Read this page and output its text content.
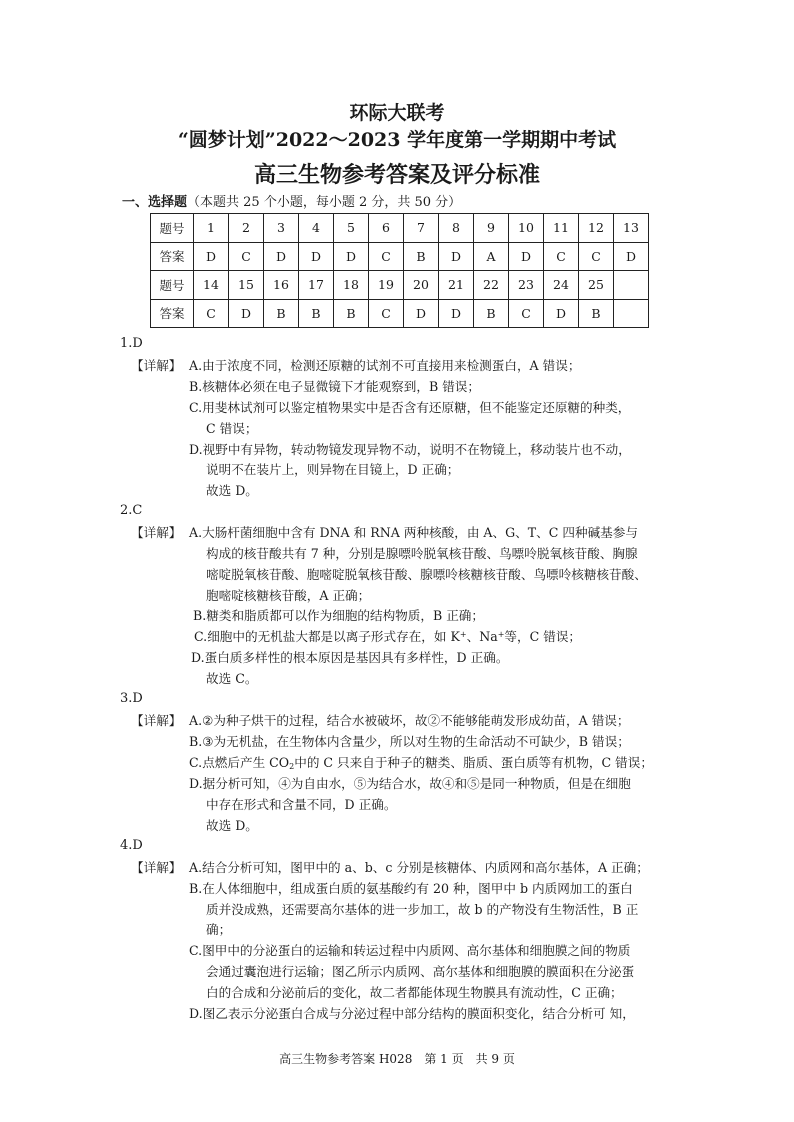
环际大联考
“圆梦计划”2022～2023 学年度第一学期期中考试
高三生物参考答案及评分标准
一、选择题（本题共 25 个小题，每小题 2 分，共 50 分）
题号	1	2	3	4	5	6	7	8	9	10	11	12	13
答案	D	C	D	D	D	C	B	D	A	D	C	C	D
题号	14	15	16	17	18	19	20	21	22	23	24	25	
答案	C	D	B	B	B	C	D	D	B	C	D	B	
1.D
【详解】 A.由于浓度不同，检测还原糖的试剂不可直接用来检测蛋白，A 错误；
B.核糖体必须在电子显微镜下才能观察到，B 错误；
C.用斐林试剂可以鉴定植物果实中是否含有还原糖，但不能鉴定还原糖的种类，
C 错误；
D.视野中有异物，转动物镜发现异物不动，说明不在物镜上，移动装片也不动，
说明不在装片上，则异物在目镜上，D 正确；
故选 D。
2.C
【详解】 A.大肠杆菌细胞中含有 DNA 和 RNA 两种核酸，由 A、G、T、C 四种碱基参与
构成的核苷酸共有 7 种，分别是腺嘌呤脱氧核苷酸、鸟嘌呤脱氧核苷酸、胸腺
嘧啶脱氧核苷酸、胞嘧啶脱氧核苷酸、腺嘌呤核糖核苷酸、鸟嘌呤核糖核苷酸、
胞嘧啶核糖核苷酸，A 正确；
B.糖类和脂质都可以作为细胞的结构物质，B 正确；
C.细胞中的无机盐大都是以离子形式存在，如 K+、Na+等，C 错误；
D.蛋白质多样性的根本原因是基因具有多样性，D 正确。
故选 C。
3.D
【详解】 A.②为种子烘干的过程，结合水被破坏，故②不能够能萌发形成幼苗，A 错误；
B.③为无机盐，在生物体内含量少，所以对生物的生命活动不可缺少，B 错误；
C.点燃后产生 $CO_2$中的 C 只来自于种子的糖类、脂质、蛋白质等有机物，C 错误；
D.据分析可知，④为自由水，⑤为结合水，故④和⑤是同一种物质，但是在细胞
中存在形式和含量不同，D 正确。
故选 D。
4.D
【详解】 A.结合分析可知，图甲中的 a、b、c 分别是核糖体、内质网和高尔基体，A 正确；
B.在人体细胞中，组成蛋白质的氨基酸约有 20 种，图甲中 b 内质网加工的蛋白
质并没成熟，还需要高尔基体的进一步加工，故 b 的产物没有生物活性，B 正
确；
C.图甲中的分泌蛋白的运输和转运过程中内质网、高尔基体和细胞膜之间的物质
会通过囊泡进行运输；图乙所示内质网、高尔基体和细胞膜的膜面积在分泌蛋
白的合成和分泌前后的变化，故二者都能体现生物膜具有流动性，C 正确；
D.图乙表示分泌蛋白合成与分泌过程中部分结构的膜面积变化，结合分析可 知，
高三生物参考答案 H028　第 1 页　共 9 页
